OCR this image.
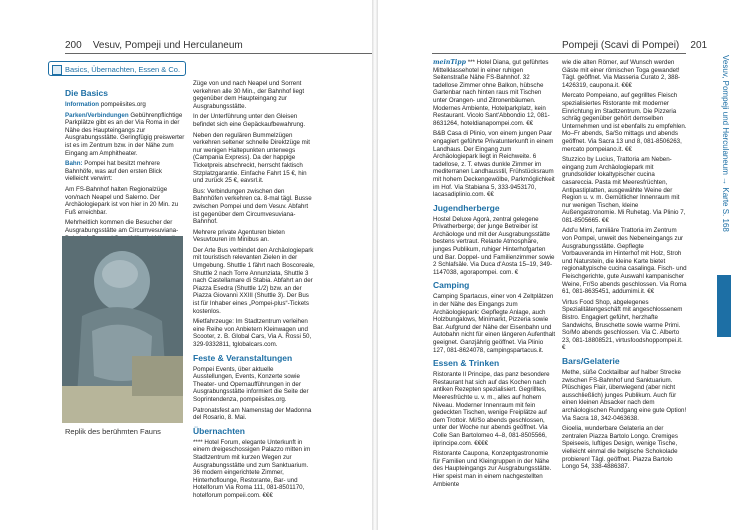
200 Vesuv, Pompeji und Herculaneum
Basics, Übernachten, Essen & Co.
Die Basics

Information pompeiisites.org

Parken/Verbindungen Gebührenpflichtige Parkplätze gibt es an der Via Roma in der Nähe des Haupteingangs zur Ausgrabungsstätte. Geringfügig preiswerter ist es im Zentrum bzw. in der Nähe zum Eingang am Amphitheater.

Bahn: Pompei hat besitzt mehrere Bahnhöfe, was auf den ersten Blick vielleicht verwirrt:

Am FS-Bahnhof halten Regionalzüge von/nach Neapel und Salerno. Der Archäologiepark ist von hier in 20 Min. zu Fuß erreichbar.

Mehrheitlich kommen die Besucher der Ausgrabungsstätte am Circumvesuviana-

Replik des berühmten Fauns

Züge von und nach Neapel und Sorrent verkehren alle 30 Min., der Bahnhof liegt gegenüber dem Haupteingang zur Ausgrabungsstätte.

In der Unterführung unter den Gleisen befindet sich eine Gepäckaufbewahrung.

Neben den regulären Bummelzügen verkehren seltener schnelle Direktzüge mit nur wenigen Haltepunkten unterwegs (Campania Express). Da der happige Ticketpreis abschreckt, herrscht faktisch Stzplatzgarantie. Einfache Fahrt 15 €, hin und zurück 25 €, eavsrl.it.

Bus: Verbindungen zwischen den Bahnhöfen verkehren ca. 8-mal tägl. Busse zwischen Pompei und dem Vesuv. Abfahrt ist gegenüber dem Circumvesuviana-Bahnhof.

Mehrere private Agenturen bieten Vesuvtouren im Minibus an.

Der Arte Bus verbindet den Archäologiepark mit touristisch relevanten Zielen in der Umgebung. Shuttle 1 fährt nach Boscoreale, Shuttle 2 nach Torre Annunziata, Shuttle 3 nach Castellamare di Stabia. Abfahrt an der Piazza Esedra (Shuttle 1/2) bzw. an der Piazza Giovanni XXIII (Shuttle 3). Der Bus ist für Inhaber eines „Pompei-plus“-Tickets kostenlos.

Mietfahrzeuge: Im Stadtzentrum verleihen eine Reihe von Anbietern Kleinwagen und Scooter, z. B. Global Cars, Via A. Rossi 50, 329-9332811, tglobalcars.com.

Feste & Veranstaltungen

Pompei Events, über aktuelle Ausstellungen, Events, Konzerte sowie Theater- und Opernaufführungen in der Ausgrabungsstätte informiert die Seite der Soprintendenza, pompeiisites.org.

Patronatsfest am Namenstag der Madonna del Rosario, 8. Mai.

Übernachten

**** Hotel Forum, elegante Unterkunft in einem dreigeschossigen Palazzo mitten im Stadtzentrum mit kurzen Wegen zur Ausgrabungsstätte und zum Sanktuarium. 36 modern eingerichtete Zimmer, Hinterhoflounge, Restorante, Bar- und Hotelforum Via Roma 111, 081-8501170, hotelforum pompeii.com. €€€

Pompeji (Scavi di Pompei) 201

meinTipp *** Hotel Diana, gut geführtes Mittelklassehotel in einer ruhigen Seitenstraße Nähe FS-Bahnhof. 32 tadellose Zimmer ohne Balkon, hübsche Gartenbar nach hinten raus mit Tischen unter Orangen- und Zitronenbäumen. Modernes Ambiente, Hotelparkplatz, kein Restaurant. Vicolo Sant'Abbondio 12, 081-8631264, hoteldianapompei.com. €€

B&B Casa di Plinio, von einem jungen Paar engagiert geführte Privatunterkunft in einem Landhaus. Der Eingang zum Archäologiepark liegt in Reichweite. 6 tadellose, z. T. etwas dunkle Zimmer im mediterranen Landhausstil, Frühstücksraum mit hohem Deckengewölbe, Parkmöglichkeit im Hof. Via Stabiana 5, 333-9453170, lacasadiplinio.com. €€

Jugendherberge

Hostel Deluxe Agorà, zentral gelegene Privatherberge; der junge Betreiber ist Archäologe und mit der Ausgrabungsstätte bestens vertraut. Relaxte Atmosphäre, junges Publikum, ruhiger Hinterhofgarten und Bar. Doppel- und Familienzimmer sowie 2 Schlafsäle. Via Duca d'Aosta 15–19, 349-1147038, agorapompei. com. €

Camping

Camping Spartacus, einer von 4 Zeltplätzen in der Nähe des Eingangs zum Archäologiepark: Gepflegte Anlage, auch Holzbungalows, Minimarkt, Pizzeria sowie Bar. Aufgrund der Nähe der Eisenbahn und Autobahn nicht für einen längeren Aufenthalt geeignet. Ganzjährig geöffnet. Via Plinio 127, 081-8624078, campingspartacus.it.

Essen & Trinken

Ristorante Il Principe, das panz besondere Restaurant hat sich auf das Kochen nach antiken Rezepten spezialisiert. Gegrilltes, Meeresfrüchte u. v. m., alles auf hohem Niveau. Moderner Innenraum mit fein gedeckten Tischen, wenige Freiplätze auf dem Trottoir. Mi/So abends geschlossen, unter der Woche nur abends geöffnet. Via Colle San Bartolomeo 4–8, 081-8505566, ilprincipe.com. €€€€

Ristorante Caupona, Konzeptgastronomie für Familien und Kleingruppen in der Nähe des Haupteingangs zur Ausgrabungsstätte. Hier speist man in einem nachgestellten Ambiente

wie die alten Römer, auf Wunsch werden Gäste mit einer römischen Toga gewandet! Tägl. geöffnet. Via Masseria Curato 2, 388-1426319, caupona.it. €€€

Mercato Pompeiano, auf gegrilltes Fleisch spezialisiertes Ristorante mit moderner Einrichtung im Stadtzentrum. Die Pizzeria schräg gegenüber gehört demselben Unternehmen und ist ebenfalls zu empfehlen. Mo–Fr abends, Sa/So mittags und abends geöffnet. Via Sacra 13 und 8, 081-8506263, mercato pompeiano.it. €€

Stuzzico by Lucius, Trattoria am Neben-eingang zum Archäologiepark mit grundsolider lokaltypischer cucina casareccia. Pasta mit Meeresfrüchten, Antipastiplatten, ausgewählte Weine der Region u. v. m. Gemütlicher Innenraum mit nur wenigen Tischen, kleine Außengastronomie. Mi Ruhetag. Via Plinio 7, 081-8505665. €€

Add'u Mimi, familiäre Trattoria im Zentrum von Pompei, unweit des Nebeneingangs zur Ausgrabungsstätte. Gepflegte Vorbauveranda im Hinterhof mit Holz, Stroh und Naturstein, die kleine Karte bietet regionaltypische cucina casalinga. Fisch- und Fleischgerichte, gute Auswahl kampanischer Weine, Fr/So abends geschlossen. Via Roma 61, 081-8635451, addumimi.it. €€

Virtus Food Shop, abgelegenes Spezialitätengeschäft mit angeschlossenem Bistro. Engagiert geführt, herzhafte Sandwichs, Bruschette sowie warme Primi. So/Mo abends geschlossen. Via C. Alberto 23, 081-18808521, virtusfoodshoppompei.it. €

Bars/Gelaterie

Methe, süße Cocktailbar auf halber Strecke zwischen FS-Bahnhof und Sanktuarium. Plüschiges Flair, überwiegend (aber nicht ausschließlich) junges Publikum. Auch für einen kleinen Absacker nach dem archäologischen Rundgang eine gute Option! Via Sacra 18, 342-0463638.

Gioelia, wunderbare Gelateria an der zentralen Piazza Bartolo Longo. Cremiges Speiseeis, luftiges Design, wenige Tische, vielleicht einmal die belgische Schokolade probieren! Tägl. geöffnet. Piazza Bartolo Longo 54, 338-4886387.

Vesuv, Pompeji und Herculaneum → Karte S. 168
